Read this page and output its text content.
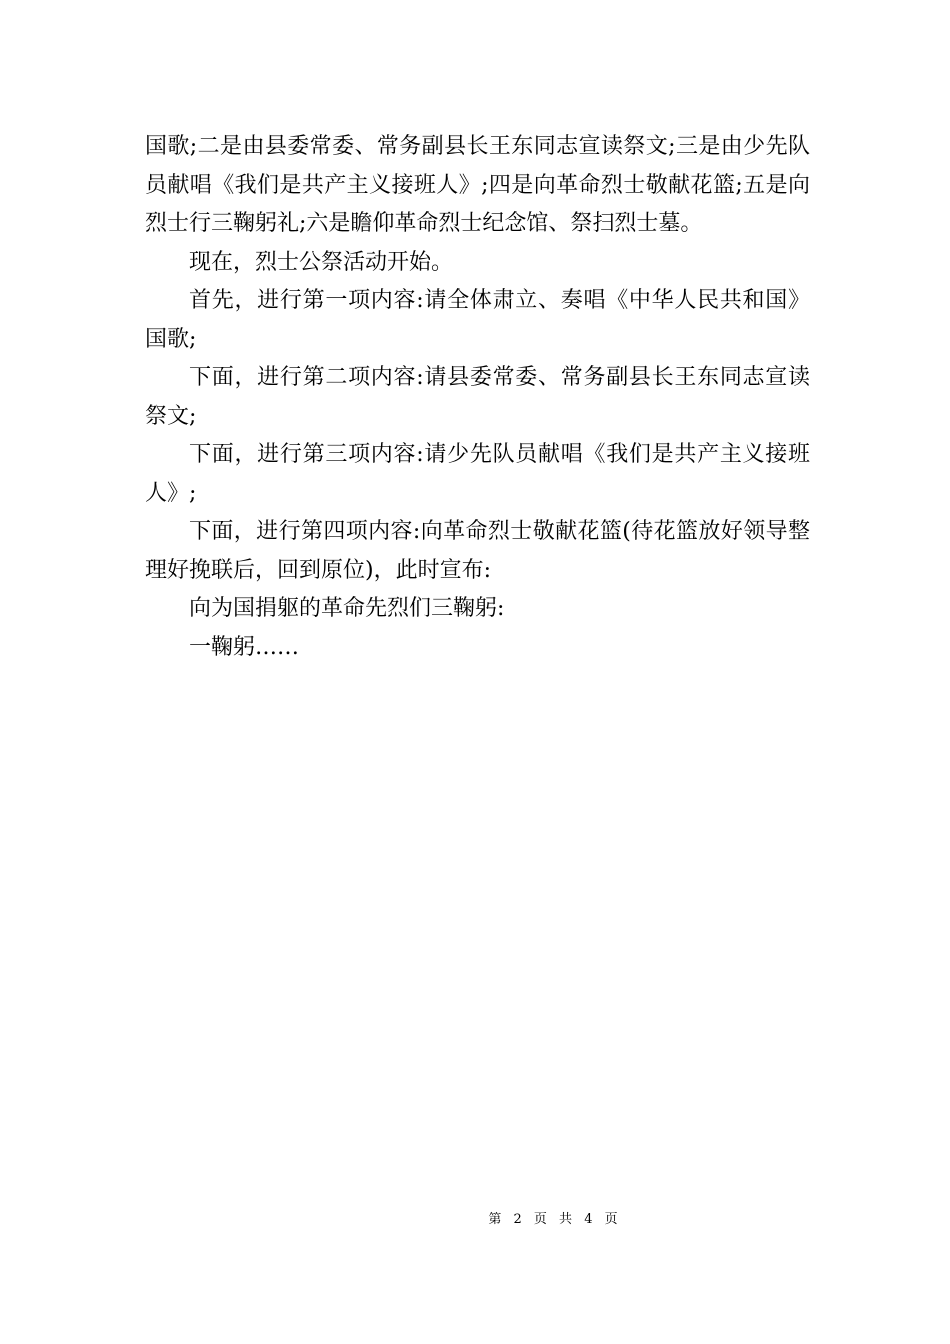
国歌;二是由县委常委、常务副县长王东同志宣读祭文;三是由少先队员献唱《我们是共产主义接班人》;四是向革命烈士敬献花篮;五是向烈士行三鞠躬礼;六是瞻仰革命烈士纪念馆、祭扫烈士墓。

现在，烈士公祭活动开始。

首先，进行第一项内容:请全体肃立、奏唱《中华人民共和国》国歌;

下面，进行第二项内容:请县委常委、常务副县长王东同志宣读祭文;

下面，进行第三项内容:请少先队员献唱《我们是共产主义接班人》;

下面，进行第四项内容:向革命烈士敬献花篮(待花篮放好领导整理好挽联后，回到原位)，此时宣布:

向为国捐躯的革命先烈们三鞠躬:

一鞠躬……

第 2 页 共 4 页
